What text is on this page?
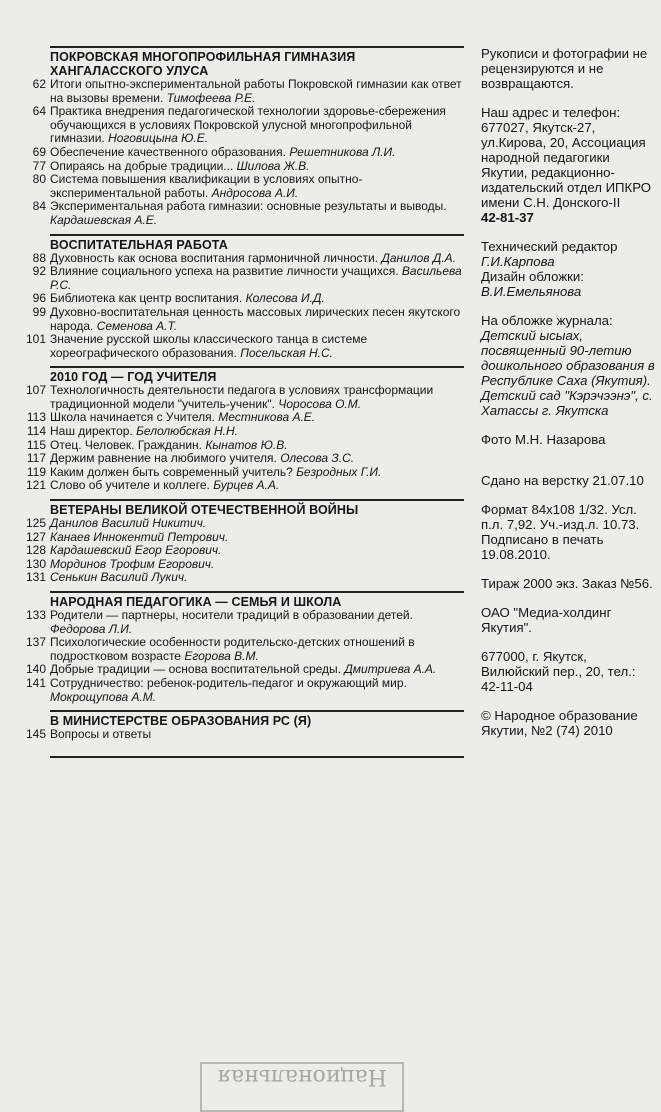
ПОКРОВСКАЯ МНОГОПРОФИЛЬНАЯ ГИМНАЗИЯ ХАНГАЛАССКОГО УЛУСА
62 Итоги опытно-экспериментальной работы Покровской гимназии как ответ на вызовы времени. Тимофеева Р.Е.
64 Практика внедрения педагогической технологии здоровье-сбережения обучающихся в условиях Покровской улусной многопрофильной гимназии. Ноговицына Ю.Е.
69 Обеспечение качественного образования. Решетникова Л.И.
77 Опираясь на добрые традиции... Шилова Ж.В.
80 Система повышения квалификации в условиях опытно-экспериментальной работы. Андросова А.И.
84 Экспериментальная работа гимназии: основные результаты и выводы. Кардашевская А.Е.
ВОСПИТАТЕЛЬНАЯ РАБОТА
88 Духовность как основа воспитания гармоничной личности. Данилов Д.А.
92 Влияние социального успеха на развитие личности учащихся. Васильева Р.С.
96 Библиотека как центр воспитания. Колесова И.Д.
99 Духовно-воспитательная ценность массовых лирических песен якутского народа. Семенова А.Т.
101 Значение русской школы классического танца в системе хореографического образования. Посельская Н.С.
2010 ГОД — ГОД УЧИТЕЛЯ
107 Технологичность деятельности педагога в условиях трансформации традиционной модели "учитель-ученик". Чоросова О.М.
113 Школа начинается с Учителя. Местникова А.Е.
114 Наш директор. Белолюбская Н.Н.
115 Отец. Человек. Гражданин. Кынатов Ю.В.
117 Держим равнение на любимого учителя. Олесова З.С.
119 Каким должен быть современный учитель? Безродных Г.И.
121 Слово об учителе и коллеге. Бурцев А.А.
ВЕТЕРАНЫ ВЕЛИКОЙ ОТЕЧЕСТВЕННОЙ ВОЙНЫ
125 Данилов Василий Никитич.
127 Канаев Иннокентий Петрович.
128 Кардашевский Егор Егорович.
130 Мординов Трофим Егорович.
131 Сенькин Василий Лукич.
НАРОДНАЯ ПЕДАГОГИКА — СЕМЬЯ И ШКОЛА
133 Родители — партнеры, носители традиций в образовании детей. Федорова Л.И.
137 Психологические особенности родительско-детских отношений в подростковом возрасте Егорова В.М.
140 Добрые традиции — основа воспитательной среды. Дмитриева А.А.
141 Сотрудничество: ребенок-родитель-педагог и окружающий мир. Мокрощупова А.М.
В МИНИСТЕРСТВЕ ОБРАЗОВАНИЯ РС (Я)
145 Вопросы и ответы

Рукописи и фотографии не рецензируются и не возвращаются.

Наш адрес и телефон: 677027, Якутск-27, ул.Кирова, 20, Ассоциация народной педагогики Якутии, редакционно-издательский отдел ИПКРО имени С.Н. Донского-II
42-81-37

Технический редактор
Г.И.Карпова
Дизайн обложки:
В.И.Емельянова

На обложке журнала:
Детский ысыах, посвященный 90-летию дошкольного образования в Республике Саха (Якутия). Детский сад "Кэрэчээнэ", с. Хатассы г. Якутска

Фото М.Н. Назарова

Сдано на верстку 21.07.10

Формат 84х108 1/32. Усл. п.л. 7,92. Уч.-изд.л. 10.73. Подписано в печать 19.08.2010.

Тираж 2000 экз. Заказ №56.

ОАО "Медиа-холдинг Якутия".

677000, г. Якутск, Вилюйский пер., 20, тел.: 42-11-04

© Народное образование Якутии, №2 (74) 2010

Национальная
